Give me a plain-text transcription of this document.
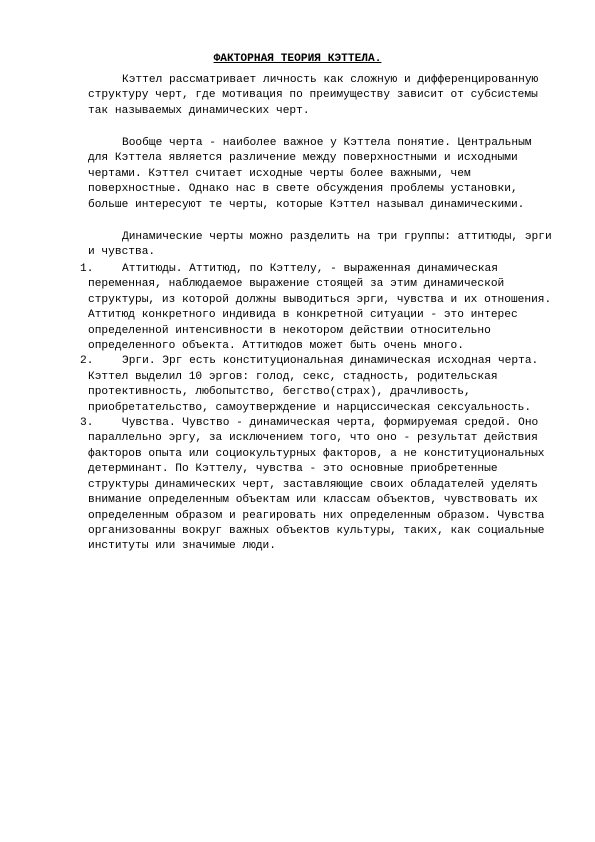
ФАКТОРНАЯ ТЕОРИЯ КЭТТЕЛА.

Кэттел рассматривает личность как сложную и дифференцированную структуру черт, где мотивация по преимуществу зависит от субсистемы так называемых динамических черт.

Вообще черта - наиболее важное у Кэттела понятие. Центральным для Кэттела является различение между поверхностными и исходными чертами. Кэттел считает исходные черты более важными, чем поверхностные. Однако нас в свете обсуждения проблемы установки, больше интересуют те черты, которые Кэттел называл динамическими.

Динамические черты можно разделить на три группы: аттитюды, эрги и чувства.

1.	Аттитюды. Аттитюд, по Кэттелу, - выраженная динамическая переменная, наблюдаемое выражение стоящей за этим динамической структуры, из которой должны выводиться эрги, чувства и их отношения. Аттитюд конкретного индивида в конкретной ситуации - это интерес определенной интенсивности в некотором действии относительно определенного объекта. Аттитюдов может быть очень много.
2.	Эрги. Эрг есть конституциональная динамическая исходная черта. Кэттел выделил 10 эргов: голод, секс, стадность, родительская протективность, любопытство, бегство(страх), драчливость, приобретательство, самоутверждение и нарциссическая сексуальность.
3.	Чувства. Чувство - динамическая черта, формируемая средой. Оно параллельно эргу, за исключением того, что оно - результат действия факторов опыта или социокультурных факторов, а не конституциональных детерминант. По Кэттелу, чувства - это основные приобретенные структуры динамических черт, заставляющие своих обладателей уделять внимание определенным объектам или классам объектов, чувствовать их определенным образом и реагировать них определенным образом. Чувства организованны вокруг важных объектов культуры, таких, как социальные институты или значимые люди.
